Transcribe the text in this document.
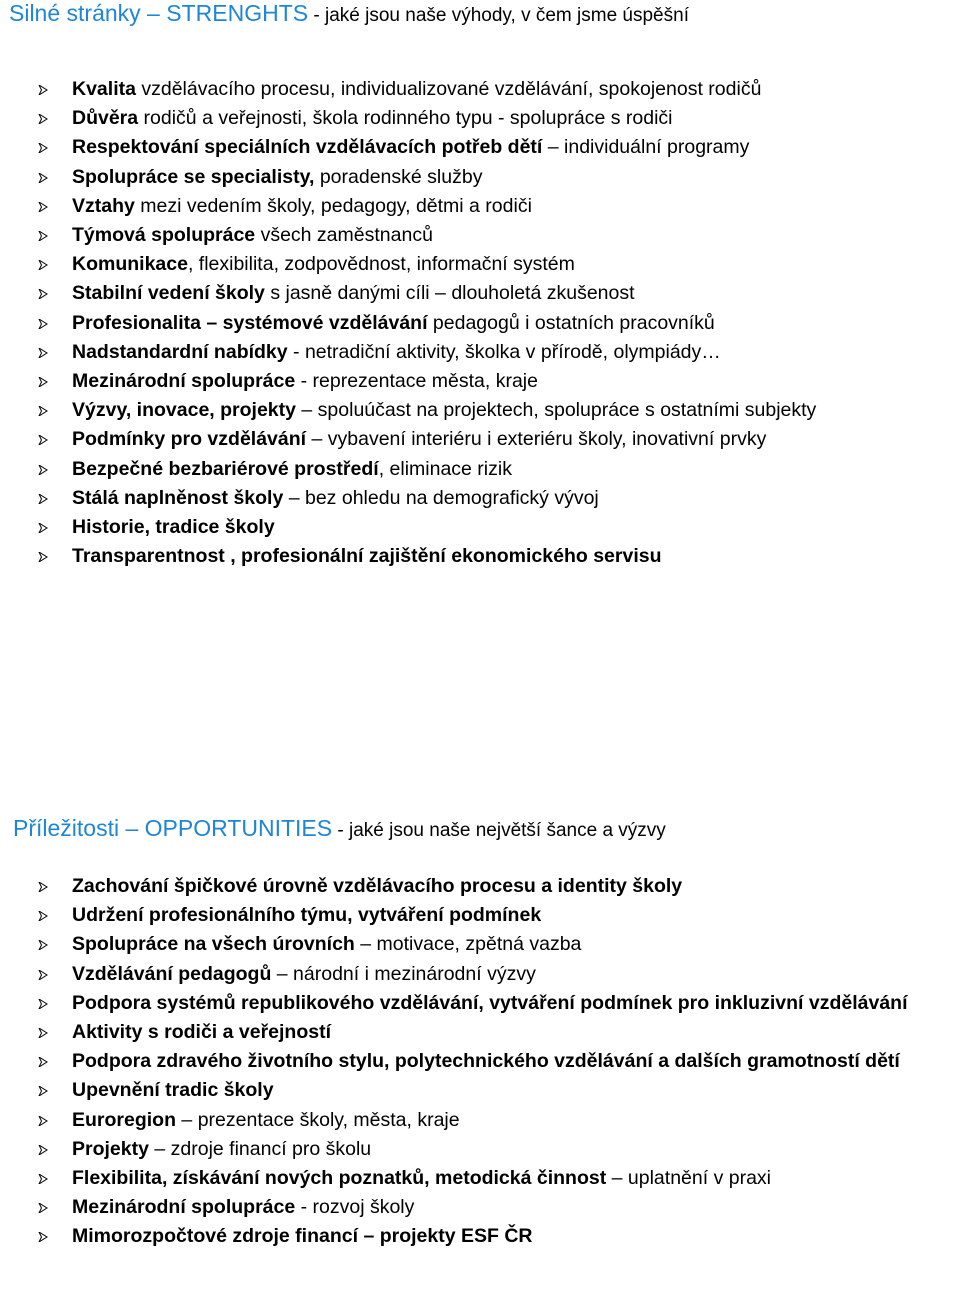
Silné stránky – STRENGHTS - jaké jsou naše výhody, v čem jsme úspěšní
Kvalita vzdělávacího procesu, individualizované vzdělávání, spokojenost rodičů
Důvěra rodičů a veřejnosti, škola rodinného typu - spolupráce s rodiči
Respektování speciálních vzdělávacích potřeb dětí – individuální programy
Spolupráce se specialisty, poradenské služby
Vztahy mezi vedením školy, pedagogy, dětmi a rodiči
Týmová spolupráce všech zaměstnanců
Komunikace, flexibilita, zodpovědnost, informační systém
Stabilní vedení školy s jasně danými cíli – dlouholetá zkušenost
Profesionalita – systémové vzdělávání pedagogů i ostatních pracovníků
Nadstandardní nabídky - netradiční aktivity, školka v přírodě, olympiády…
Mezinárodní spolupráce - reprezentace města, kraje
Výzvy, inovace, projekty – spoluúčast na projektech, spolupráce s ostatními subjekty
Podmínky pro vzdělávání – vybavení interiéru i exteriéru školy, inovativní prvky
Bezpečné bezbariérové prostředí, eliminace rizik
Stálá naplněnost školy – bez ohledu na demografický vývoj
Historie, tradice školy
Transparentnost , profesionální zajištění ekonomického servisu
Příležitosti – OPPORTUNITIES - jaké jsou naše největší šance a výzvy
Zachování špičkové úrovně vzdělávacího procesu a identity školy
Udržení profesionálního týmu, vytváření podmínek
Spolupráce na všech úrovních – motivace, zpětná vazba
Vzdělávání pedagogů – národní i mezinárodní výzvy
Podpora systémů republikového vzdělávání, vytváření podmínek pro inkluzivní vzdělávání
Aktivity s rodiči a veřejností
Podpora zdravého životního stylu, polytechnického vzdělávání a dalších gramotností dětí
Upevnění tradic školy
Euroregion – prezentace školy, města, kraje
Projekty – zdroje financí pro školu
Flexibilita, získávání nových poznatků, metodická činnost – uplatnění v praxi
Mezinárodní spolupráce - rozvoj školy
Mimorozpočtové zdroje financí – projekty ESF ČR
